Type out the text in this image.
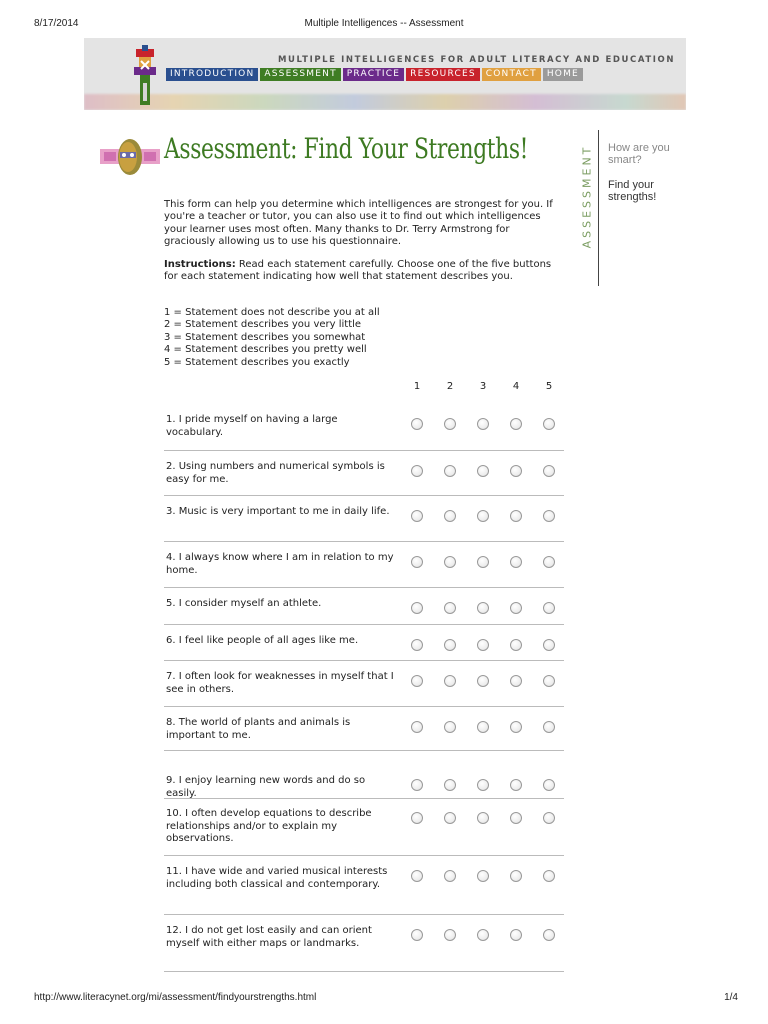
8/17/2014	Multiple Intelligences -- Assessment
MULTIPLE INTELLIGENCES FOR ADULT LITERACY AND EDUCATION
INTRODUCTION	ASSESSMENT	PRACTICE	RESOURCES	CONTACT	HOME
Assessment: Find Your Strengths!
This form can help you determine which intelligences are strongest for you. If you're a teacher or tutor, you can also use it to find out which intelligences your learner uses most often. Many thanks to Dr. Terry Armstrong for graciously allowing us to use his questionnaire.
Instructions: Read each statement carefully. Choose one of the five buttons for each statement indicating how well that statement describes you.
1 = Statement does not describe you at all
2 = Statement describes you very little
3 = Statement describes you somewhat
4 = Statement describes you pretty well
5 = Statement describes you exactly
ASSESSMENT How are you smart?
Find your strengths!
1	2	3	4	5
1. I pride myself on having a large vocabulary.
2. Using numbers and numerical symbols is easy for me.
3. Music is very important to me in daily life.
4. I always know where I am in relation to my home.
5. I consider myself an athlete.
6. I feel like people of all ages like me.
7. I often look for weaknesses in myself that I see in others.
8. The world of plants and animals is important to me.
9. I enjoy learning new words and do so easily.
10. I often develop equations to describe relationships and/or to explain my observations.
11. I have wide and varied musical interests including both classical and contemporary.
12. I do not get lost easily and can orient myself with either maps or landmarks.
http://www.literacynet.org/mi/assessment/findyourstrengths.html	1/4
